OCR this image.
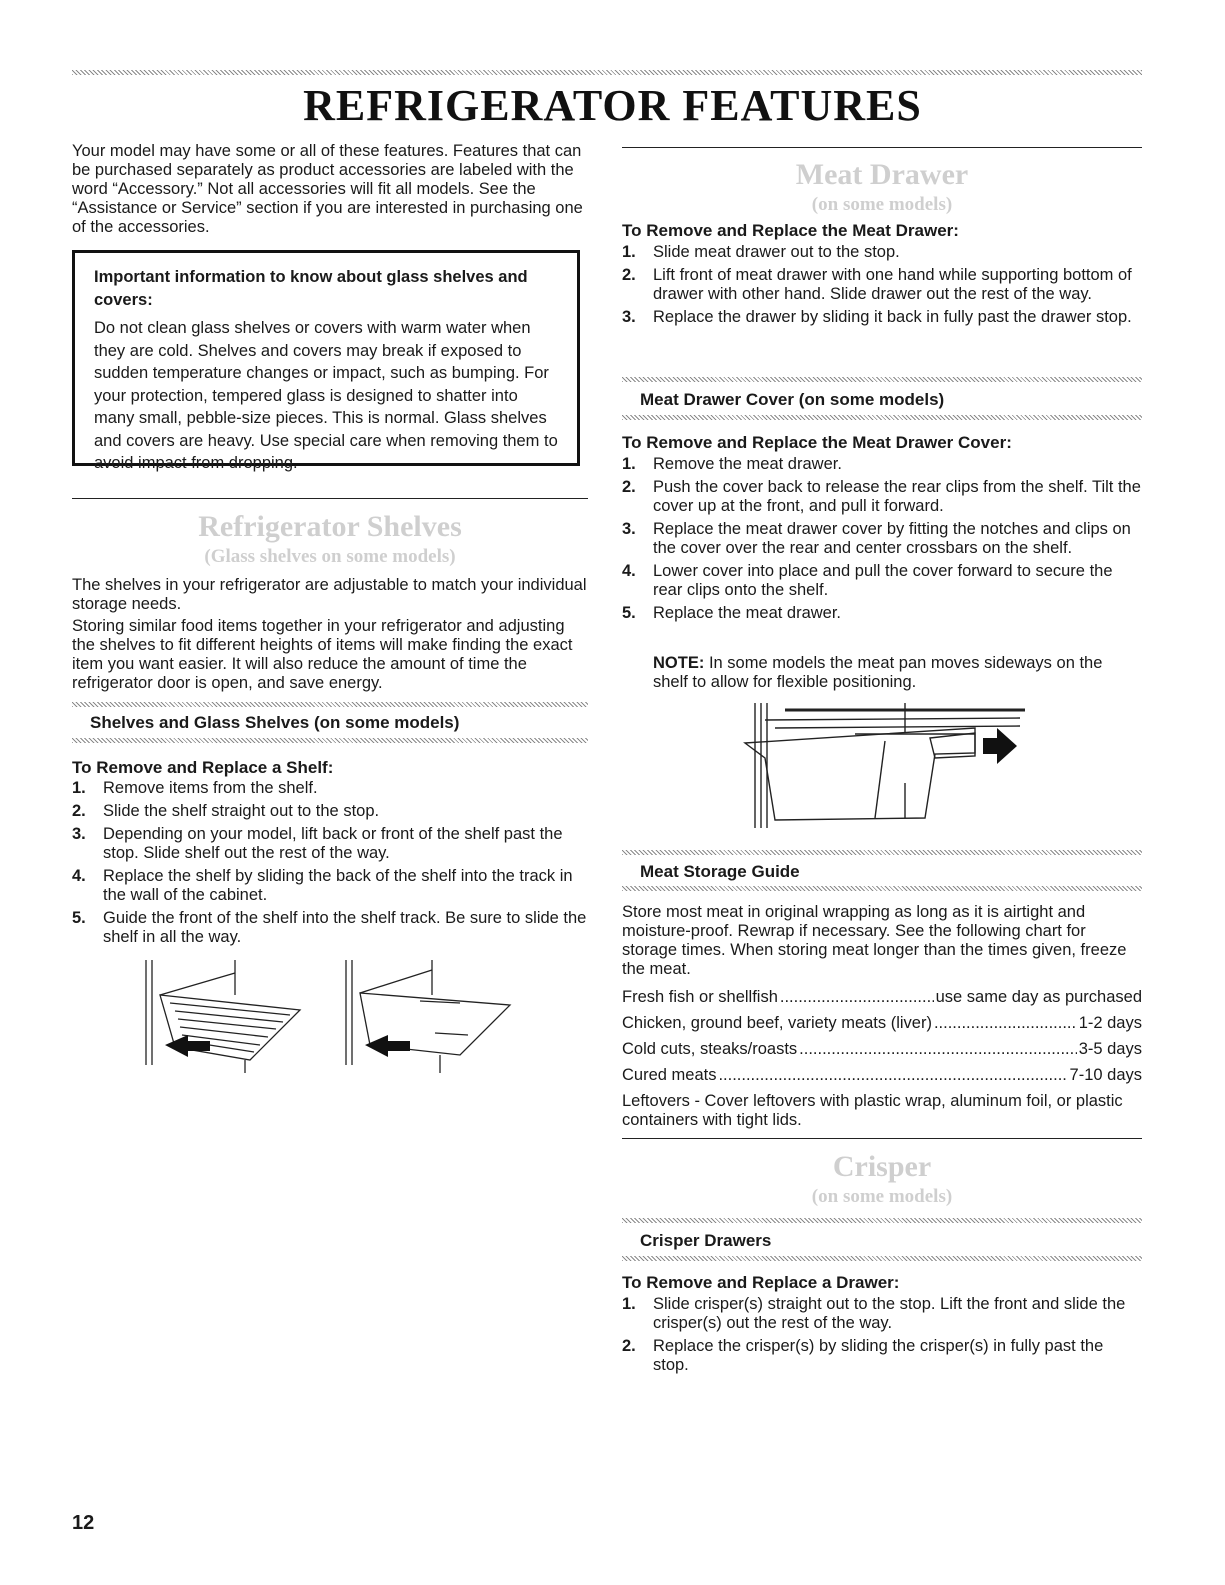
REFRIGERATOR FEATURES

Your model may have some or all of these features. Features that can be purchased separately as product accessories are labeled with the word “Accessory.” Not all accessories will fit all models. See the “Assistance or Service” section if you are interested in purchasing one of the accessories.

Important information to know about glass shelves and covers:
Do not clean glass shelves or covers with warm water when they are cold. Shelves and covers may break if exposed to sudden temperature changes or impact, such as bumping. For your protection, tempered glass is designed to shatter into many small, pebble-size pieces. This is normal. Glass shelves and covers are heavy. Use special care when removing them to avoid impact from dropping.
Refrigerator Shelves
(Glass shelves on some models)

The shelves in your refrigerator are adjustable to match your individual storage needs.

Storing similar food items together in your refrigerator and adjusting the shelves to fit different heights of items will make finding the exact item you want easier. It will also reduce the amount of time the refrigerator door is open, and save energy.

Shelves and Glass Shelves (on some models)
To Remove and Replace a Shelf:
1. Remove items from the shelf.
2. Slide the shelf straight out to the stop.
3. Depending on your model, lift back or front of the shelf past the stop. Slide shelf out the rest of the way.
4. Replace the shelf by sliding the back of the shelf into the track in the wall of the cabinet.
5. Guide the front of the shelf into the shelf track. Be sure to slide the shelf in all the way.
Meat Drawer
(on some models)
To Remove and Replace the Meat Drawer:
1. Slide meat drawer out to the stop.
2. Lift front of meat drawer with one hand while supporting bottom of drawer with other hand. Slide drawer out the rest of the way.
3. Replace the drawer by sliding it back in fully past the drawer stop.
Meat Drawer Cover (on some models)
To Remove and Replace the Meat Drawer Cover:
1. Remove the meat drawer.
2. Push the cover back to release the rear clips from the shelf. Tilt the cover up at the front, and pull it forward.
3. Replace the meat drawer cover by fitting the notches and clips on the cover over the rear and center crossbars on the shelf.
4. Lower cover into place and pull the cover forward to secure the rear clips onto the shelf.
5. Replace the meat drawer.
NOTE: In some models the meat pan moves sideways on the shelf to allow for flexible positioning.
Meat Storage Guide

Store most meat in original wrapping as long as it is airtight and moisture-proof. Rewrap if necessary. See the following chart for storage times. When storing meat longer than the times given, freeze the meat.

Fresh fish or shellfish .....	use same day as purchased
Chicken, ground beef, variety meats (liver) .....	1-2 days
Cold cuts, steaks/roasts .....	3-5 days
Cured meats .....	7-10 days

Leftovers - Cover leftovers with plastic wrap, aluminum foil, or plastic containers with tight lids.

Crisper
(on some models)
Crisper Drawers
To Remove and Replace a Drawer:
1. Slide crisper(s) straight out to the stop. Lift the front and slide the crisper(s) out the rest of the way.
2. Replace the crisper(s) by sliding the crisper(s) in fully past the stop.
12
